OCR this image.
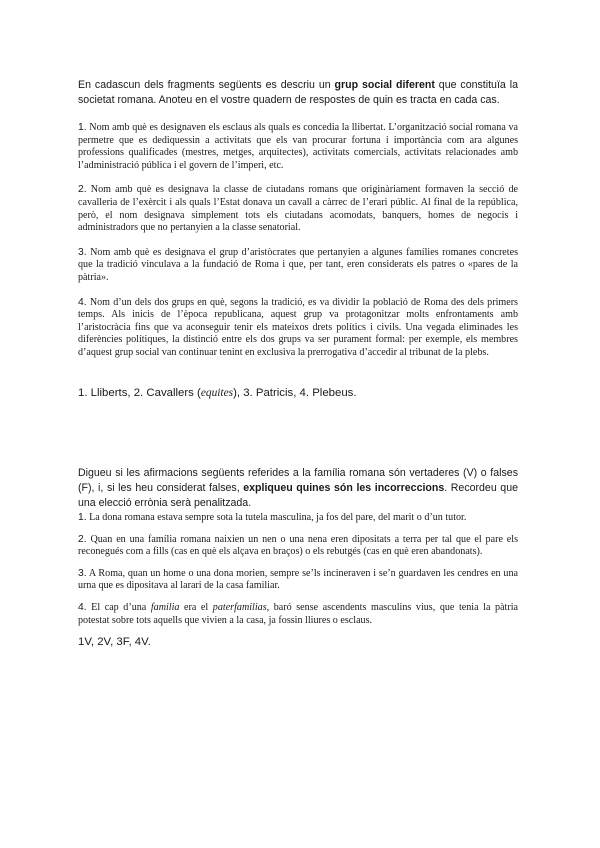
En cadascun dels fragments següents es descriu un grup social diferent que constituïa la societat romana. Anoteu en el vostre quadern de respostes de quin es tracta en cada cas.
1. Nom amb què es designaven els esclaus als quals es concedia la llibertat. L’organització social romana va permetre que es dediquessin a activitats que els van procurar fortuna i importància com ara algunes professions qualificades (mestres, metges, arquitectes), activitats comercials, activitats relacionades amb l’administració pública i el govern de l’imperi, etc.
2. Nom amb què es designava la classe de ciutadans romans que originàriament formaven la secció de cavalleria de l’exèrcit i als quals l’Estat donava un cavall a càrrec de l’erari públic. Al final de la república, però, el nom designava simplement tots els ciutadans acomodats, banquers, homes de negocis i administradors que no pertanyien a la classe senatorial.
3. Nom amb què es designava el grup d’aristòcrates que pertanyien a algunes famílies romanes concretes que la tradició vinculava a la fundació de Roma i que, per tant, eren considerats els patres o «pares de la pàtria».
4. Nom d’un dels dos grups en què, segons la tradició, es va dividir la població de Roma des dels primers temps. Als inicis de l’època republicana, aquest grup va protagonitzar molts enfrontaments amb l’aristocràcia fins que va aconseguir tenir els mateixos drets polítics i civils. Una vegada eliminades les diferències polítiques, la distinció entre els dos grups va ser purament formal: per exemple, els membres d’aquest grup social van continuar tenint en exclusiva la prerrogativa d’accedir al tribunat de la plebs.
1. Lliberts, 2. Cavallers (equites), 3. Patricis, 4. Plebeus.
Digueu si les afirmacions següents referides a la família romana són vertaderes (V) o falses (F), i, si les heu considerat falses, expliqueu quines són les incorreccions. Recordeu que una elecció errònia serà penalitzada.
1. La dona romana estava sempre sota la tutela masculina, ja fos del pare, del marit o d’un tutor.
2. Quan en una família romana naixien un nen o una nena eren dipositats a terra per tal que el pare els reconegués com a fills (cas en què els alçava en braços) o els rebutgés (cas en què eren abandonats).
3. A Roma, quan un home o una dona morien, sempre se’ls incineraven i se’n guardaven les cendres en una urna que es dipositava al larari de la casa familiar.
4. El cap d’una familia era el paterfamilias, baró sense ascendents masculins vius, que tenia la pàtria potestat sobre tots aquells que vivien a la casa, ja fossin lliures o esclaus.
1V, 2V, 3F, 4V.
